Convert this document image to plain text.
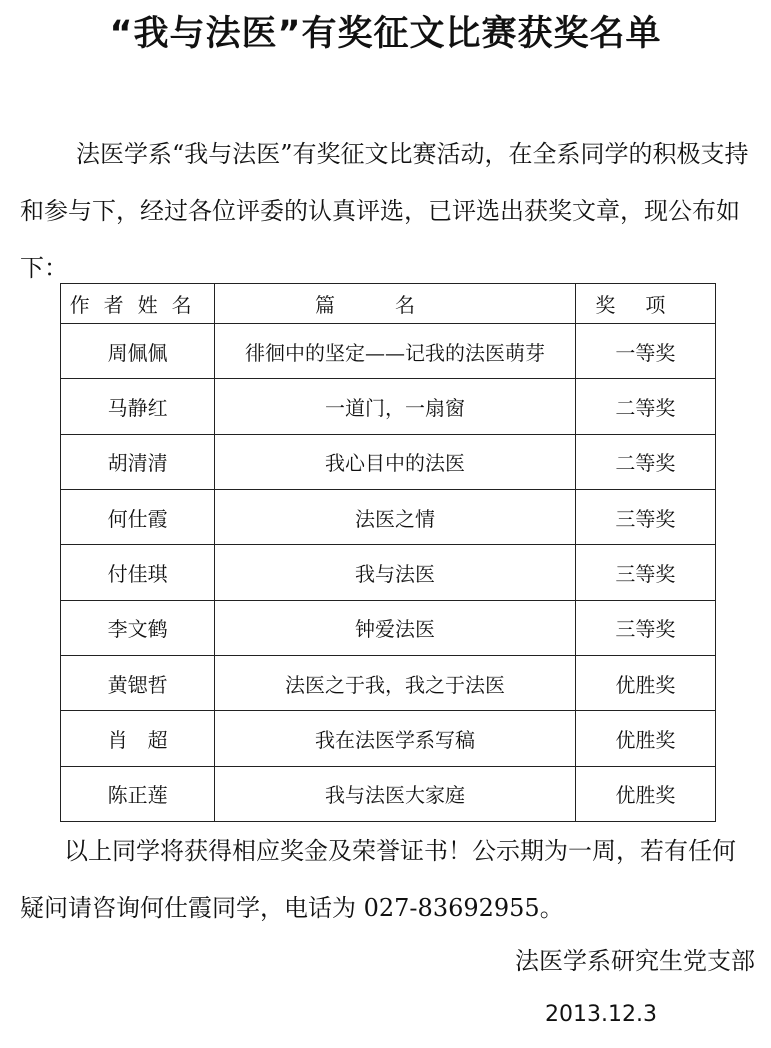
“我与法医”有奖征文比赛获奖名单
法医学系“我与法医”有奖征文比赛活动，在全系同学的积极支持和参与下，经过各位评委的认真评选，已评选出获奖文章，现公布如下：
作者姓名	篇名	奖项
周佩佩	徘徊中的坚定——记我的法医萌芽	一等奖
马静红	一道门，一扇窗	二等奖
胡清清	我心目中的法医	二等奖
何仕霞	法医之情	三等奖
付佳琪	我与法医	三等奖
李文鹤	钟爱法医	三等奖
黄锶哲	法医之于我，我之于法医	优胜奖
肖　超	我在法医学系写稿	优胜奖
陈正莲	我与法医大家庭	优胜奖
以上同学将获得相应奖金及荣誉证书！公示期为一周，若有任何疑问请咨询何仕霞同学，电话为 027-83692955。
法医学系研究生党支部
2013.12.3
